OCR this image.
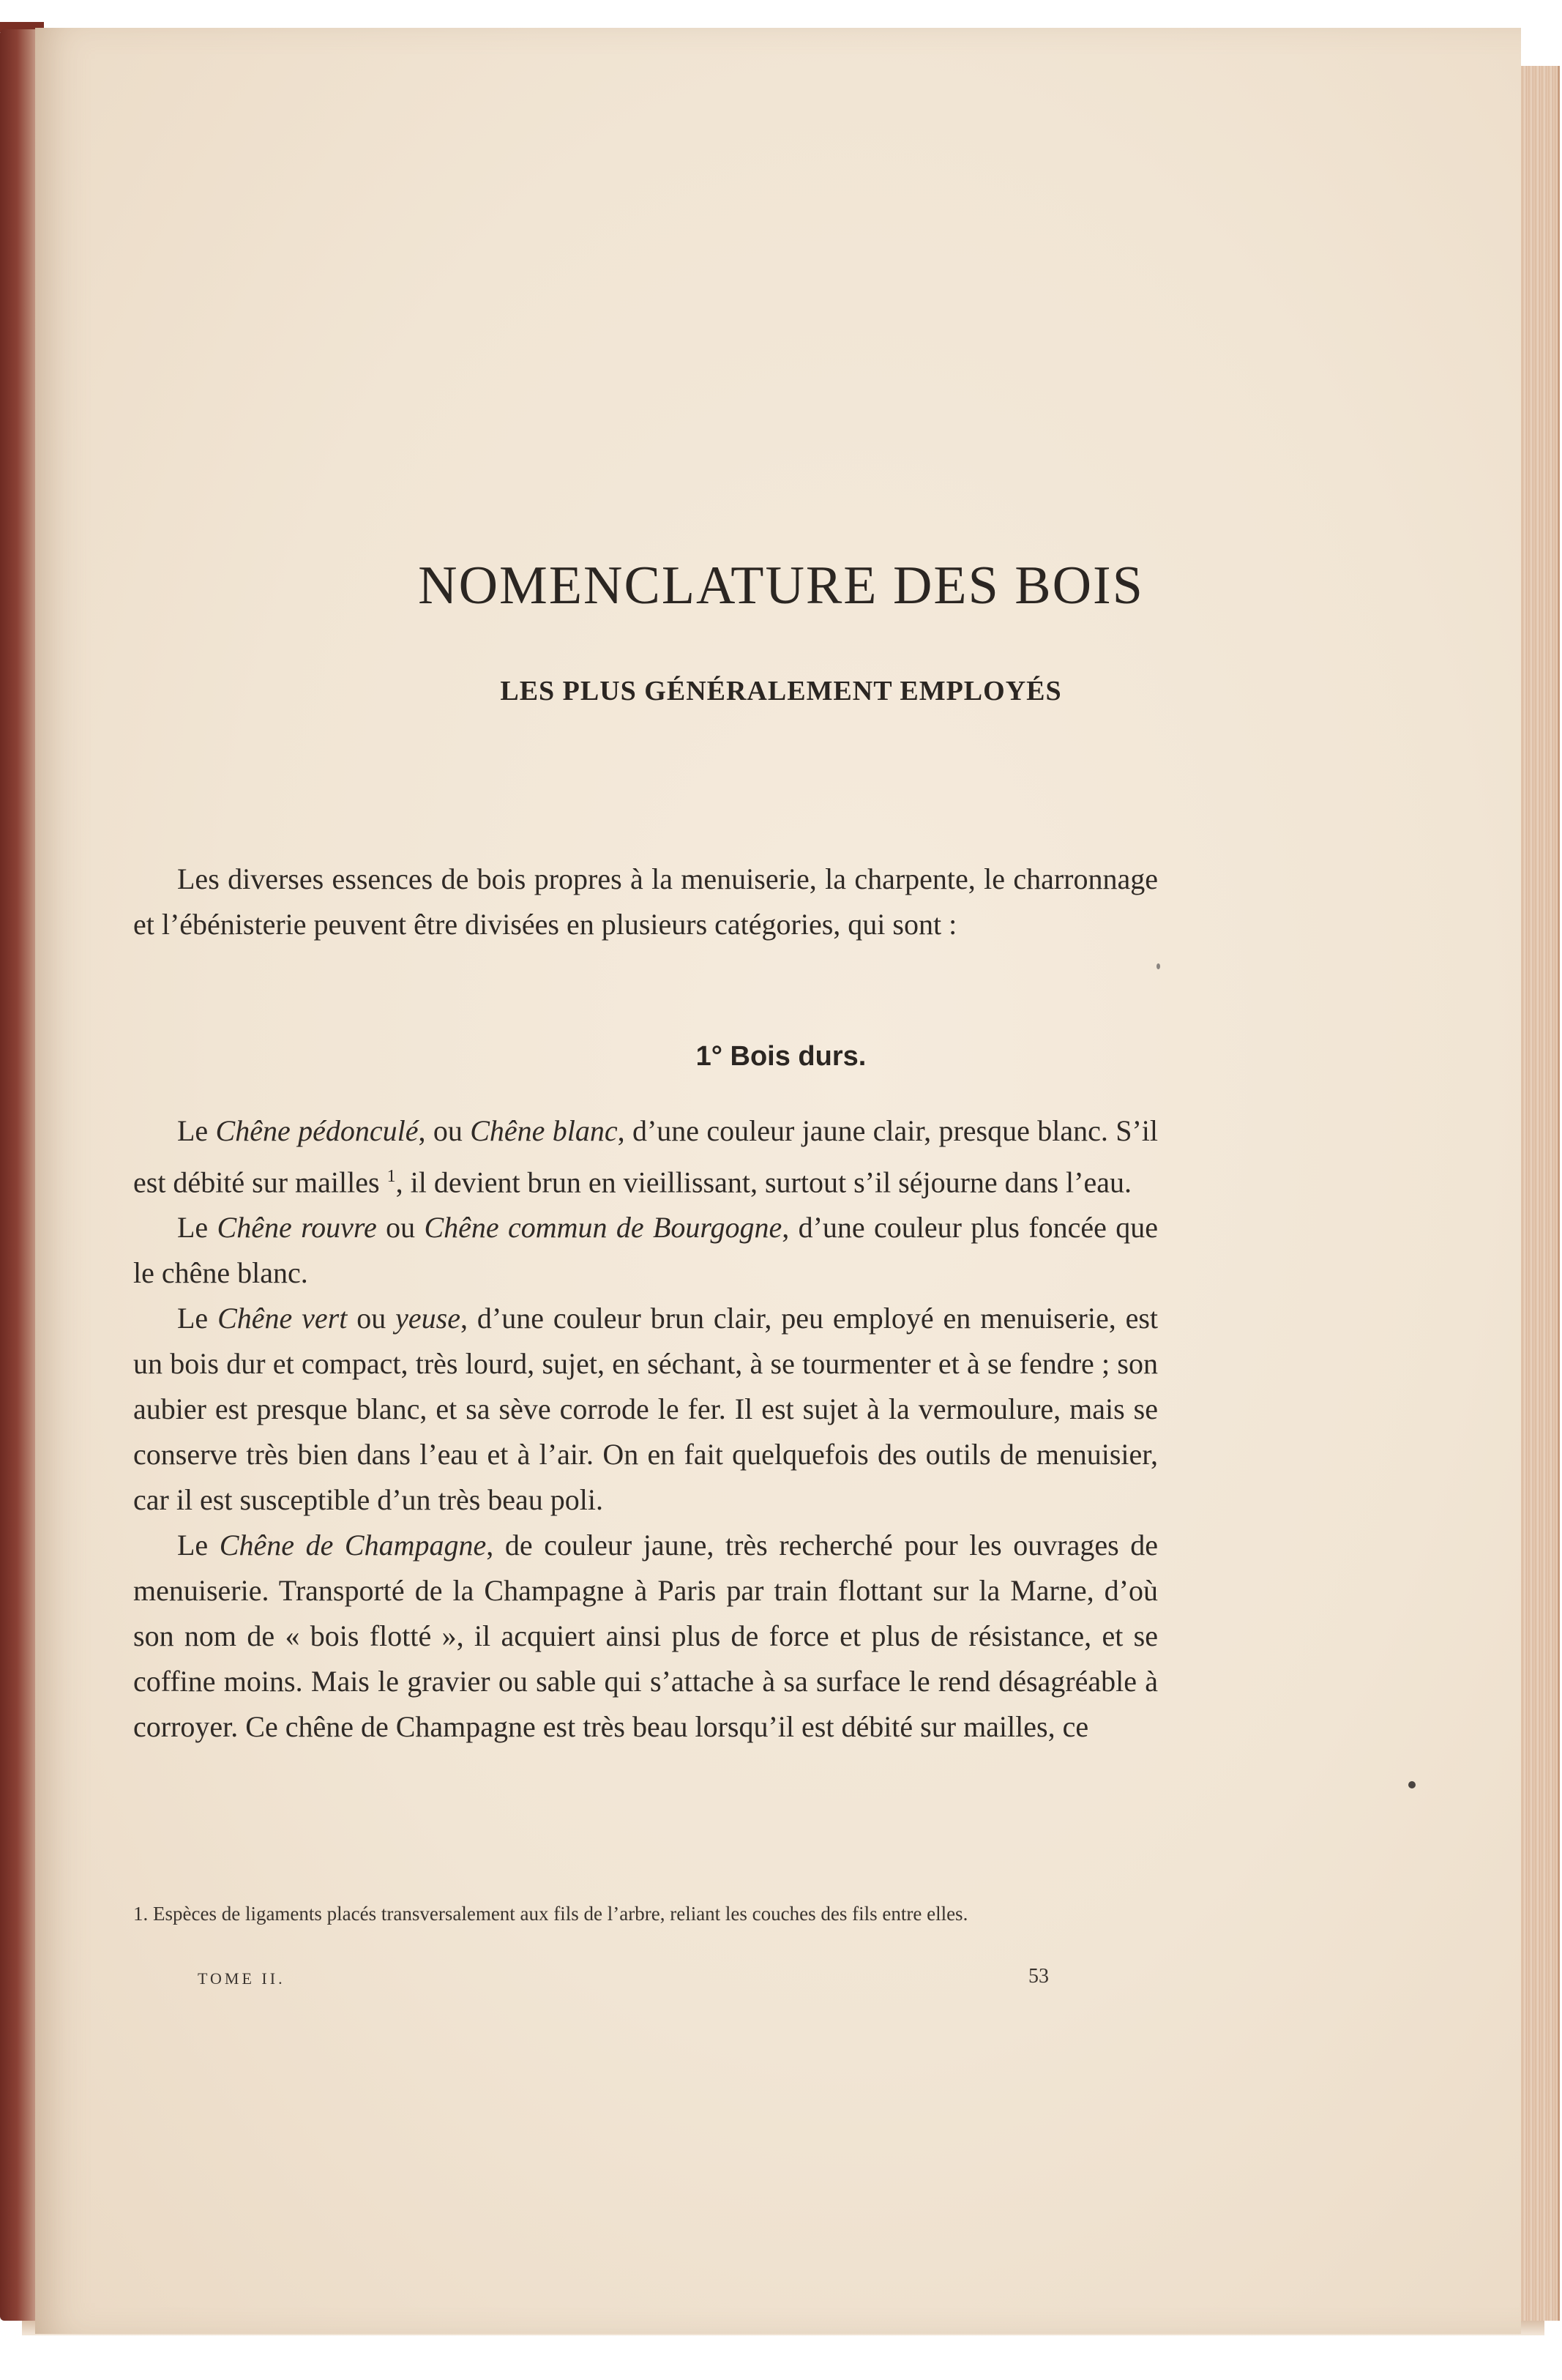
NOMENCLATURE DES BOIS
LES PLUS GÉNÉRALEMENT EMPLOYÉS

Les diverses essences de bois propres à la menuiserie, la charpente, le charronnage et l’ébénisterie peuvent être divisées en plusieurs catégories, qui sont :

1° Bois durs.

Le Chêne pédonculé, ou Chêne blanc, d’une couleur jaune clair, presque blanc. S’il est débité sur mailles $^1$, il devient brun en vieillissant, surtout s’il séjourne dans l’eau.

Le Chêne rouvre ou Chêne commun de Bourgogne, d’une couleur plus foncée que le chêne blanc.

Le Chêne vert ou yeuse, d’une couleur brun clair, peu employé en menuiserie, est un bois dur et compact, très lourd, sujet, en séchant, à se tourmenter et à se fendre ; son aubier est presque blanc, et sa sève corrode le fer. Il est sujet à la vermoulure, mais se conserve très bien dans l’eau et à l’air. On en fait quelquefois des outils de menuisier, car il est susceptible d’un très beau poli.

Le Chêne de Champagne, de couleur jaune, très recherché pour les ouvrages de menuiserie. Transporté de la Champagne à Paris par train flottant sur la Marne, d’où son nom de « bois flotté », il acquiert ainsi plus de force et plus de résistance, et se coffine moins. Mais le gravier ou sable qui s’attache à sa surface le rend désagréable à corroyer. Ce chêne de Champagne est très beau lorsqu’il est débité sur mailles, ce

1. Espèces de ligaments placés transversalement aux fils de l’arbre, reliant les couches des fils entre elles.

TOME II.	53
